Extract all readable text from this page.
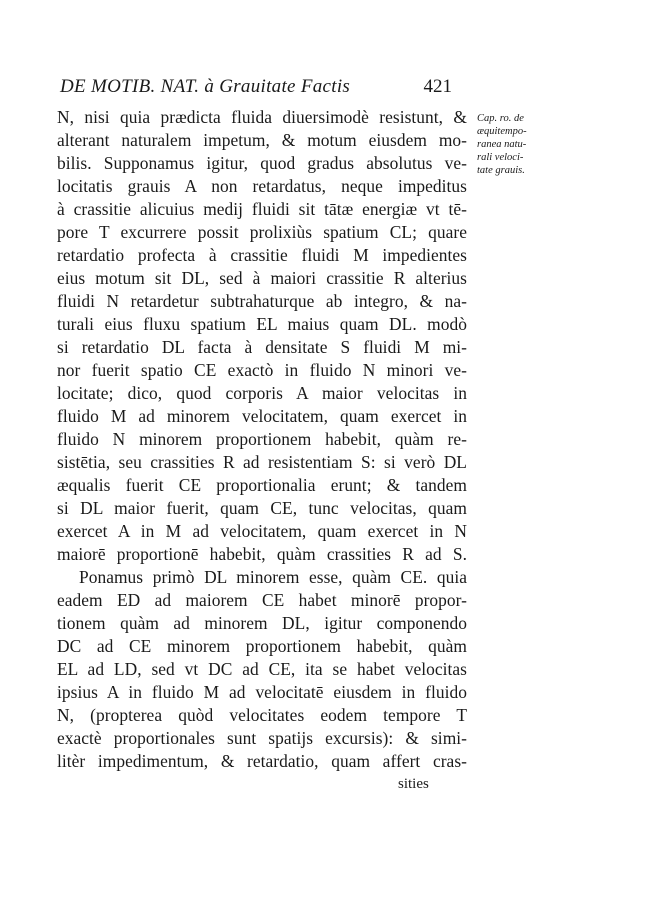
DE MOTIB. NAT. à Grauitate Factis	421
Cap. ro. de
æquitempo-
ranea natu-
rali veloci-
tate grauis.
N, nisi quia prædicta fluida diuersimodè resistunt, &
alterant naturalem impetum, & motum eiusdem mo-
bilis. Supponamus igitur, quod gradus absolutus ve-
locitatis grauis A non retardatus, neque impeditus
à crassitie alicuius medij fluidi sit tātæ energiæ vt tē-
pore T excurrere possit prolixiùs spatium CL; quare
retardatio profecta à crassitie fluidi M impedientes
eius motum sit DL, sed à maiori crassitie R alterius
fluidi N retardetur subtrahaturque ab integro, & na-
turali eius fluxu spatium EL maius quam DL. modò
si retardatio DL facta à densitate S fluidi M mi-
nor fuerit spatio CE exactò in fluido N minori ve-
locitate; dico, quod corporis A maior velocitas in
fluido M ad minorem velocitatem, quam exercet in
fluido N minorem proportionem habebit, quàm re-
sistētia, seu crassities R ad resistentiam S: si verò DL
æqualis fuerit CE proportionalia erunt; & tandem
si DL maior fuerit, quam CE, tunc velocitas, quam
exercet A in M ad velocitatem, quam exercet in N
maiorē proportionē habebit, quàm crassities R ad S.
Ponamus primò DL minorem esse, quàm CE. quia
eadem ED ad maiorem CE habet minorē propor-
tionem quàm ad minorem DL, igitur componendo
DC ad CE minorem proportionem habebit, quàm
EL ad LD, sed vt DC ad CE, ita se habet velocitas
ipsius A in fluido M ad velocitatē eiusdem in fluido
N, (propterea quòd velocitates eodem tempore T
exactè proportionales sunt spatijs excursis): & simi-
litèr impedimentum, & retardatio, quam affert cras-
sities
